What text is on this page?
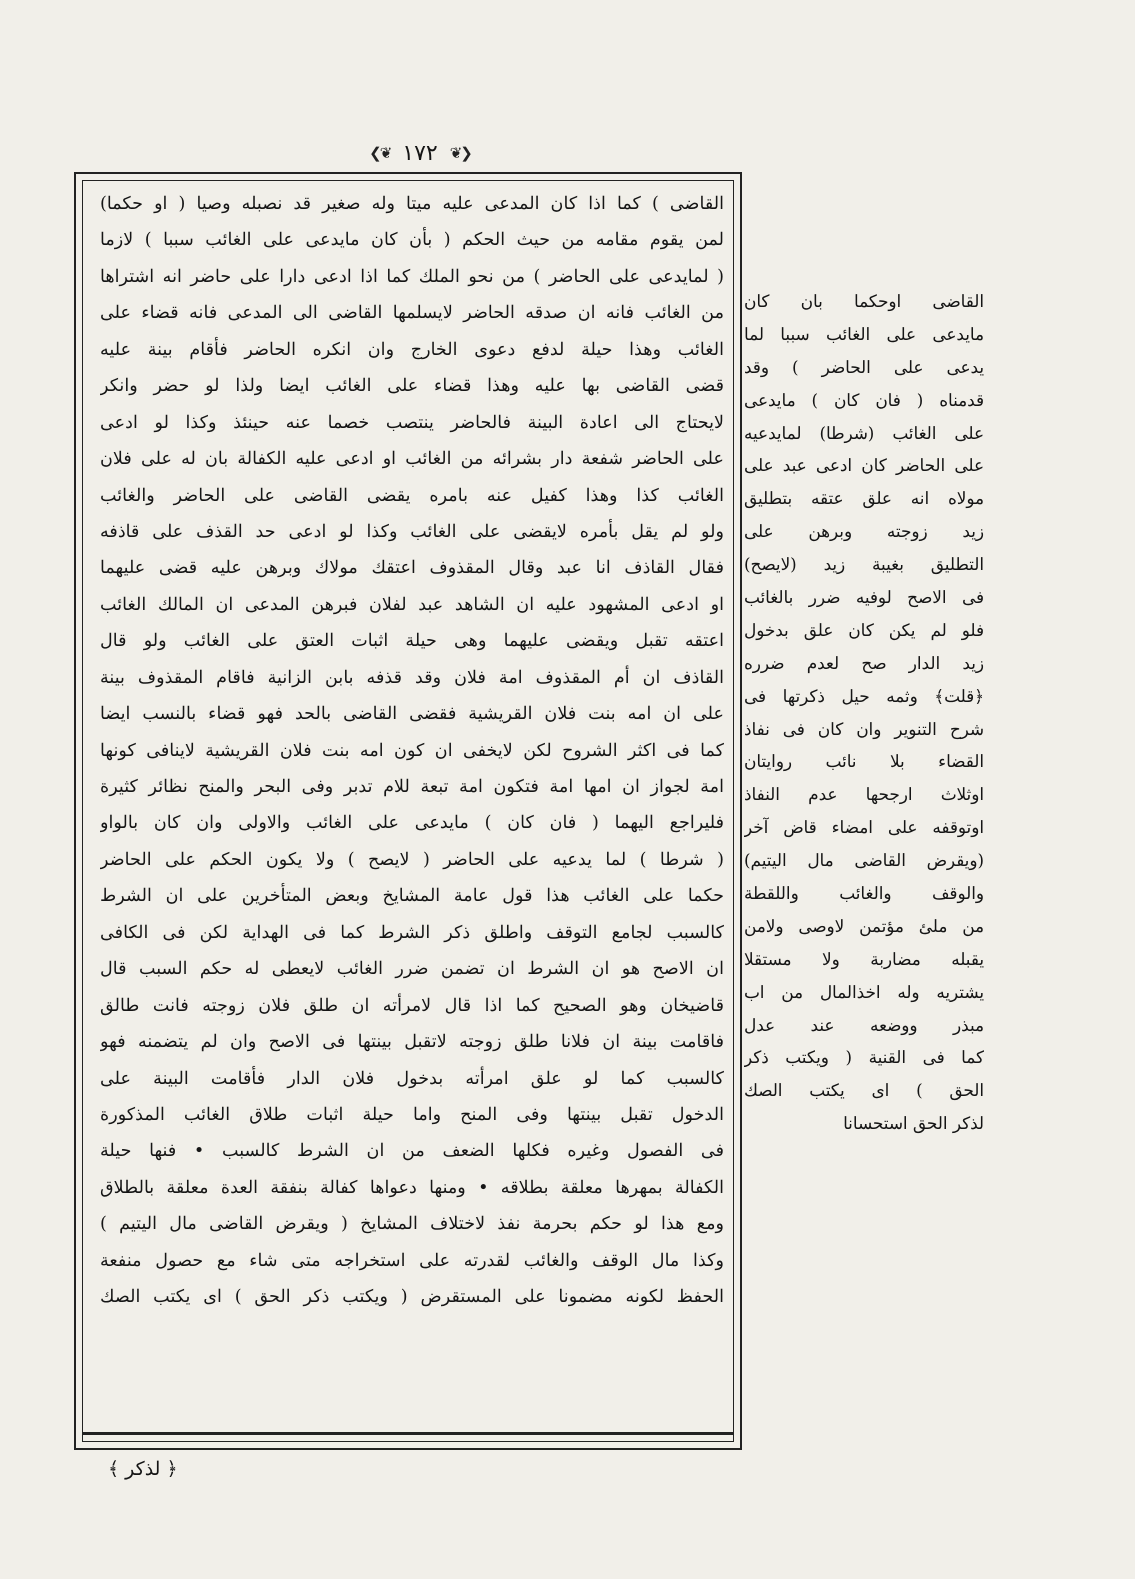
❮❦
١٧٢
❦❯
القاضى ) كما اذا كان المدعى عليه ميتا وله صغير قد نصبله وصيا ( او حكما)
لمن يقوم مقامه من حيث الحكم ( بأن كان مايدعى على الغائب سببا ) لازما
( لمايدعى على الحاضر ) من نحو الملك كما اذا ادعى دارا على حاضر انه اشتراها
من الغائب فانه ان صدقه الحاضر لايسلمها القاضى الى المدعى فانه قضاء على
الغائب وهذا حيلة لدفع دعوى الخارج وان انكره الحاضر فأقام بينة عليه
قضى القاضى بها عليه وهذا قضاء على الغائب ايضا ولذا لو حضر وانكر
لايحتاج الى اعادة البينة فالحاضر ينتصب خصما عنه حينئذ وكذا لو ادعى
على الحاضر شفعة دار بشرائه من الغائب او ادعى عليه الكفالة بان له على فلان
الغائب كذا وهذا كفيل عنه بامره يقضى القاضى على الحاضر والغائب
ولو لم يقل بأمره لايقضى على الغائب وكذا لو ادعى حد القذف على قاذفه
فقال القاذف انا عبد وقال المقذوف اعتقك مولاك وبرهن عليه قضى عليهما
او ادعى المشهود عليه ان الشاهد عبد لفلان فبرهن المدعى ان المالك الغائب
اعتقه تقبل ويقضى عليهما وهى حيلة اثبات العتق على الغائب ولو قال
القاذف ان أم المقذوف امة فلان وقد قذفه بابن الزانية فاقام المقذوف بينة
على ان امه بنت فلان القريشية فقضى القاضى بالحد فهو قضاء بالنسب ايضا
كما فى اكثر الشروح لكن لايخفى ان كون امه بنت فلان القريشية لاينافى كونها
امة لجواز ان امها امة فتكون امة تبعة للام تدبر وفى البحر والمنح نظائر كثيرة
فليراجع اليهما ( فان كان ) مايدعى على الغائب والاولى وان كان بالواو
( شرطا ) لما يدعيه على الحاضر ( لايصح ) ولا يكون الحكم على الحاضر
حكما على الغائب هذا قول عامة المشايخ وبعض المتأخرين على ان الشرط
كالسبب لجامع التوقف واطلق ذكر الشرط كما فى الهداية لكن فى الكافى
ان الاصح هو ان الشرط ان تضمن ضرر الغائب لايعطى له حكم السبب قال
قاضيخان وهو الصحيح كما اذا قال لامرأته ان طلق فلان زوجته فانت طالق
فاقامت بينة ان فلانا طلق زوجته لاتقبل بينتها فى الاصح وان لم يتضمنه فهو
كالسبب كما لو علق امرأته بدخول فلان الدار فأقامت البينة على
الدخول تقبل بينتها وفى المنح واما حيلة اثبات طلاق الغائب المذكورة
فى الفصول وغيره فكلها الضعف من ان الشرط كالسبب • فنها حيلة
الكفالة بمهرها معلقة بطلاقه • ومنها دعواها كفالة بنفقة العدة معلقة بالطلاق
ومع هذا لو حكم بحرمة نفذ لاختلاف المشايخ ( ويقرض القاضى مال اليتيم )
وكذا مال الوقف والغائب لقدرته على استخراجه متى شاء مع حصول منفعة
الحفظ لكونه مضمونا على المستقرض ( ويكتب ذكر الحق ) اى يكتب الصك
القاضى اوحكما بان كان
مايدعى على الغائب سببا لما
يدعى على الحاضر ) وقد
قدمناه ( فان كان ) مايدعى
على الغائب (شرطا) لمايدعيه
على الحاضر كان ادعى عبد على
مولاه انه علق عتقه بتطليق
زيد زوجته وبرهن على
التطليق بغيبة زيد (لايصح)
فى الاصح لوفيه ضرر بالغائب
فلو لم يكن كان علق بدخول
زيد الدار صح لعدم ضرره
﴿قلت﴾ وثمه حيل ذكرتها فى
شرح التنوير وان كان فى نفاذ
القضاء بلا نائب روايتان
اوثلاث ارجحها عدم النفاذ
اوتوقفه على امضاء قاض آخر
(ويقرض القاضى مال اليتيم)
والوقف والغائب واللقطة
من ملئ مؤتمن لاوصى ولامن
يقبله مضاربة ولا مستقلا
يشتريه وله اخذالمال من اب
مبذر ووضعه عند عدل
كما فى القنية ( ويكتب ذكر
الحق ) اى يكتب الصك
لذكر الحق استحسانا
﴿ لذكر ﴾
